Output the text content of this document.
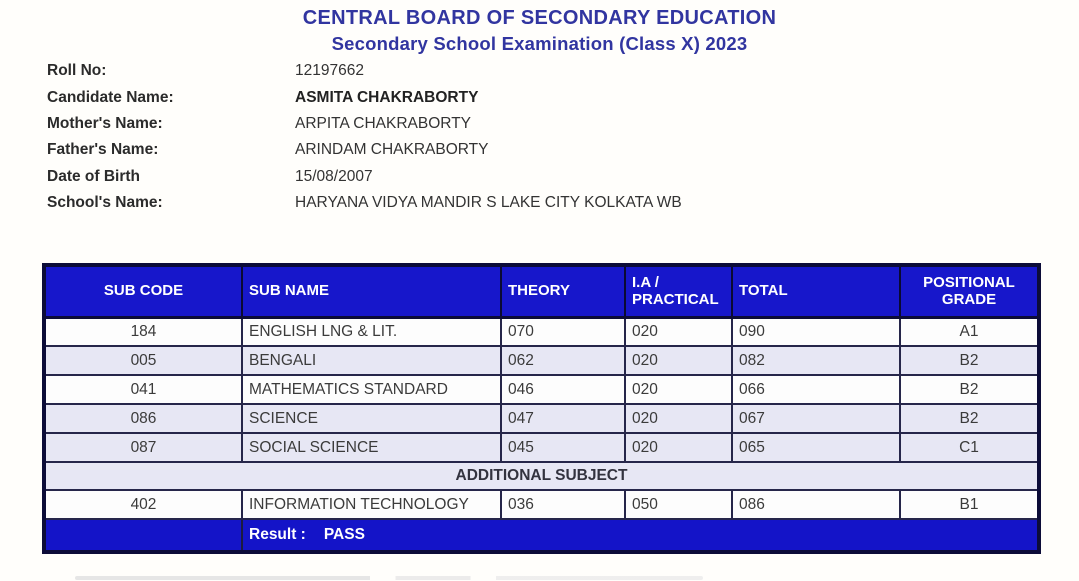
CENTRAL BOARD OF SECONDARY EDUCATION
Secondary School Examination (Class X) 2023
Roll No:	12197662
Candidate Name:	ASMITA CHAKRABORTY
Mother's Name:	ARPITA CHAKRABORTY
Father's Name:	ARINDAM CHAKRABORTY
Date of Birth	15/08/2007
School's Name:	HARYANA VIDYA MANDIR S LAKE CITY KOLKATA WB
SUB CODE	SUB NAME	THEORY	I.A / PRACTICAL	TOTAL	POSITIONAL GRADE
184	ENGLISH LNG & LIT.	070	020	090	A1
005	BENGALI	062	020	082	B2
041	MATHEMATICS STANDARD	046	020	066	B2
086	SCIENCE	047	020	067	B2
087	SOCIAL SCIENCE	045	020	065	C1
ADDITIONAL SUBJECT					
402	INFORMATION TECHNOLOGY	036	050	086	B1
	Result : PASS				
